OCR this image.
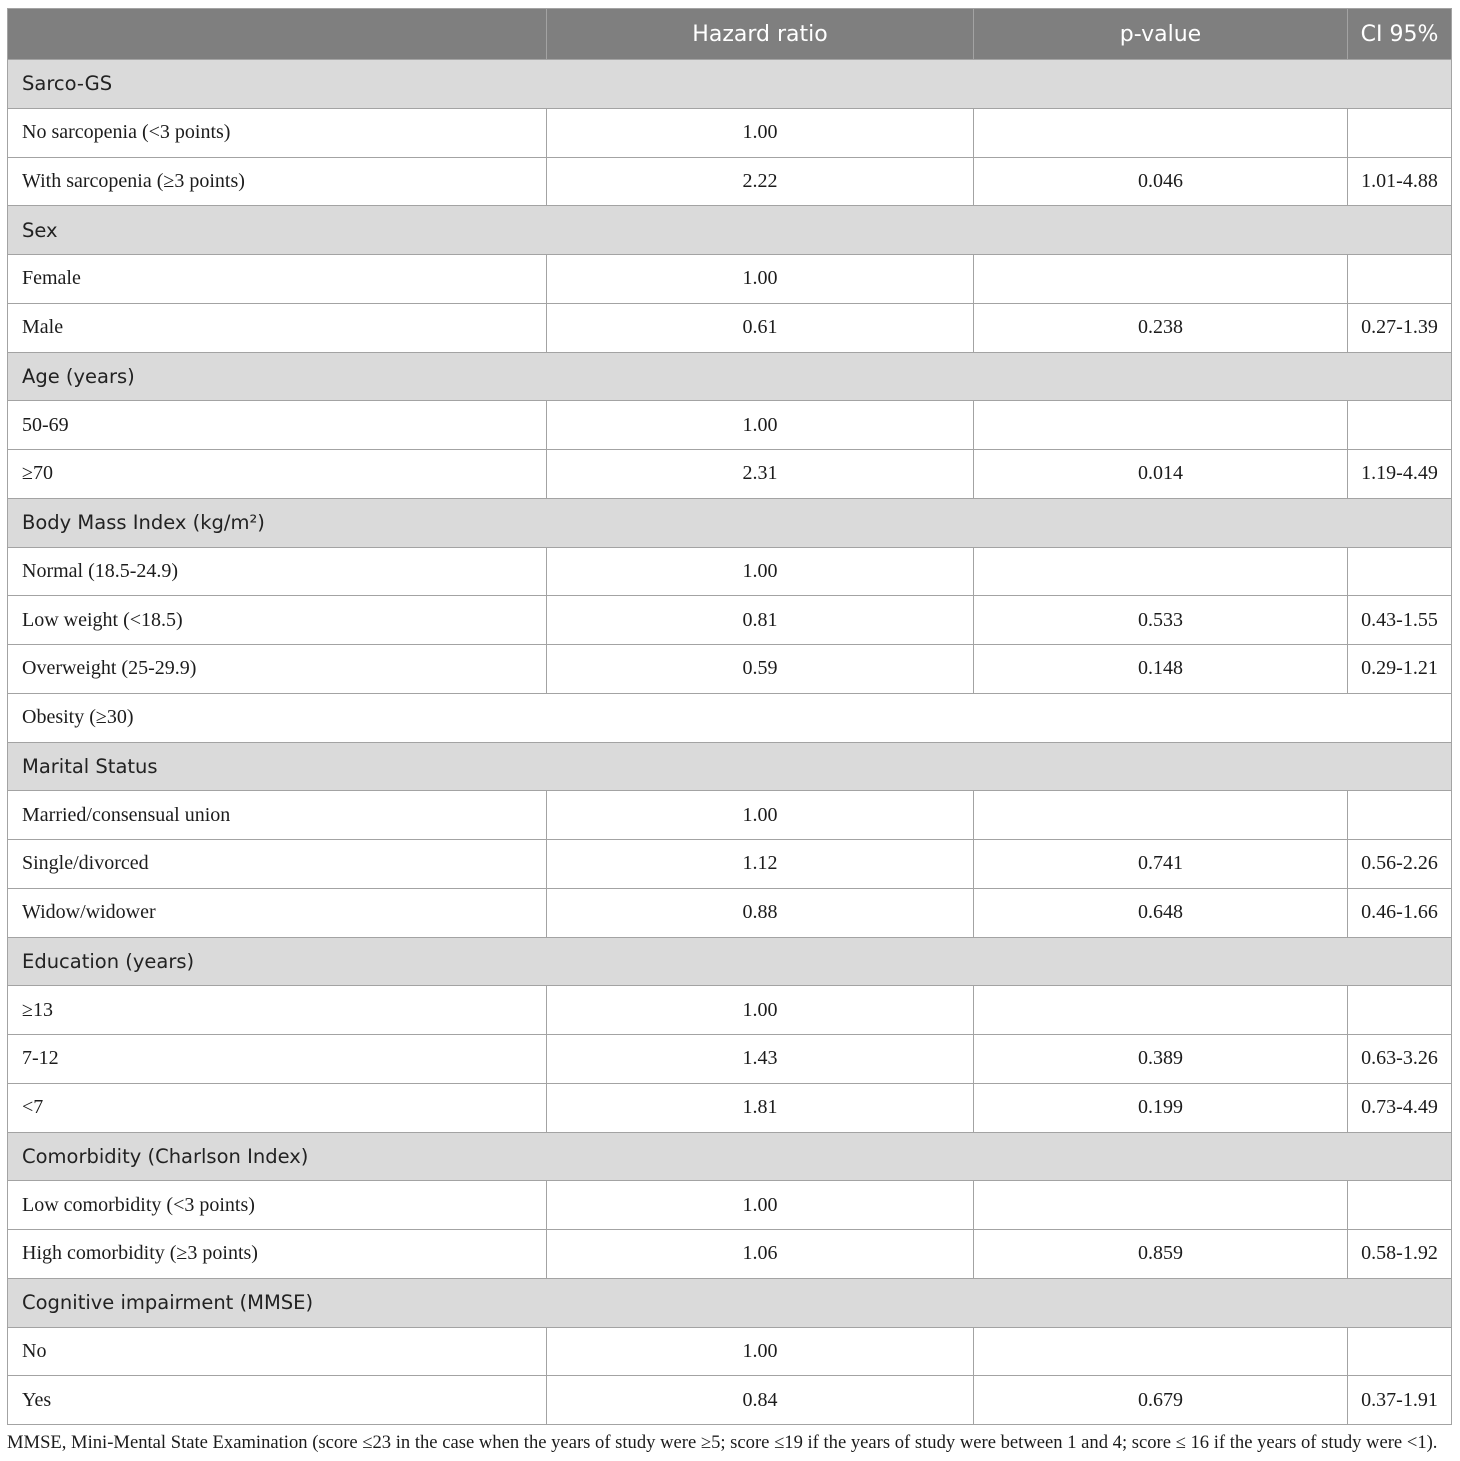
Hazard ratio	p-value	CI 95%
Sarco-GS
No sarcopenia (<3 points)	1.00
With sarcopenia (≥3 points)	2.22	0.046	1.01-4.88
Sex
Female	1.00
Male	0.61	0.238	0.27-1.39
Age (years)
50-69	1.00
≥70	2.31	0.014	1.19-4.49
Body Mass Index (kg/m²)
Normal (18.5-24.9)	1.00
Low weight (<18.5)	0.81	0.533	0.43-1.55
Overweight (25-29.9)	0.59	0.148	0.29-1.21
Obesity (≥30)
Marital Status
Married/consensual union	1.00
Single/divorced	1.12	0.741	0.56-2.26
Widow/widower	0.88	0.648	0.46-1.66
Education (years)
≥13	1.00
7-12	1.43	0.389	0.63-3.26
<7	1.81	0.199	0.73-4.49
Comorbidity (Charlson Index)
Low comorbidity (<3 points)	1.00
High comorbidity (≥3 points)	1.06	0.859	0.58-1.92
Cognitive impairment (MMSE)
No	1.00
Yes	0.84	0.679	0.37-1.91
MMSE, Mini-Mental State Examination (score ≤23 in the case when the years of study were ≥5; score ≤19 if the years of study were between 1 and 4; score ≤ 16 if the years of study were <1).
